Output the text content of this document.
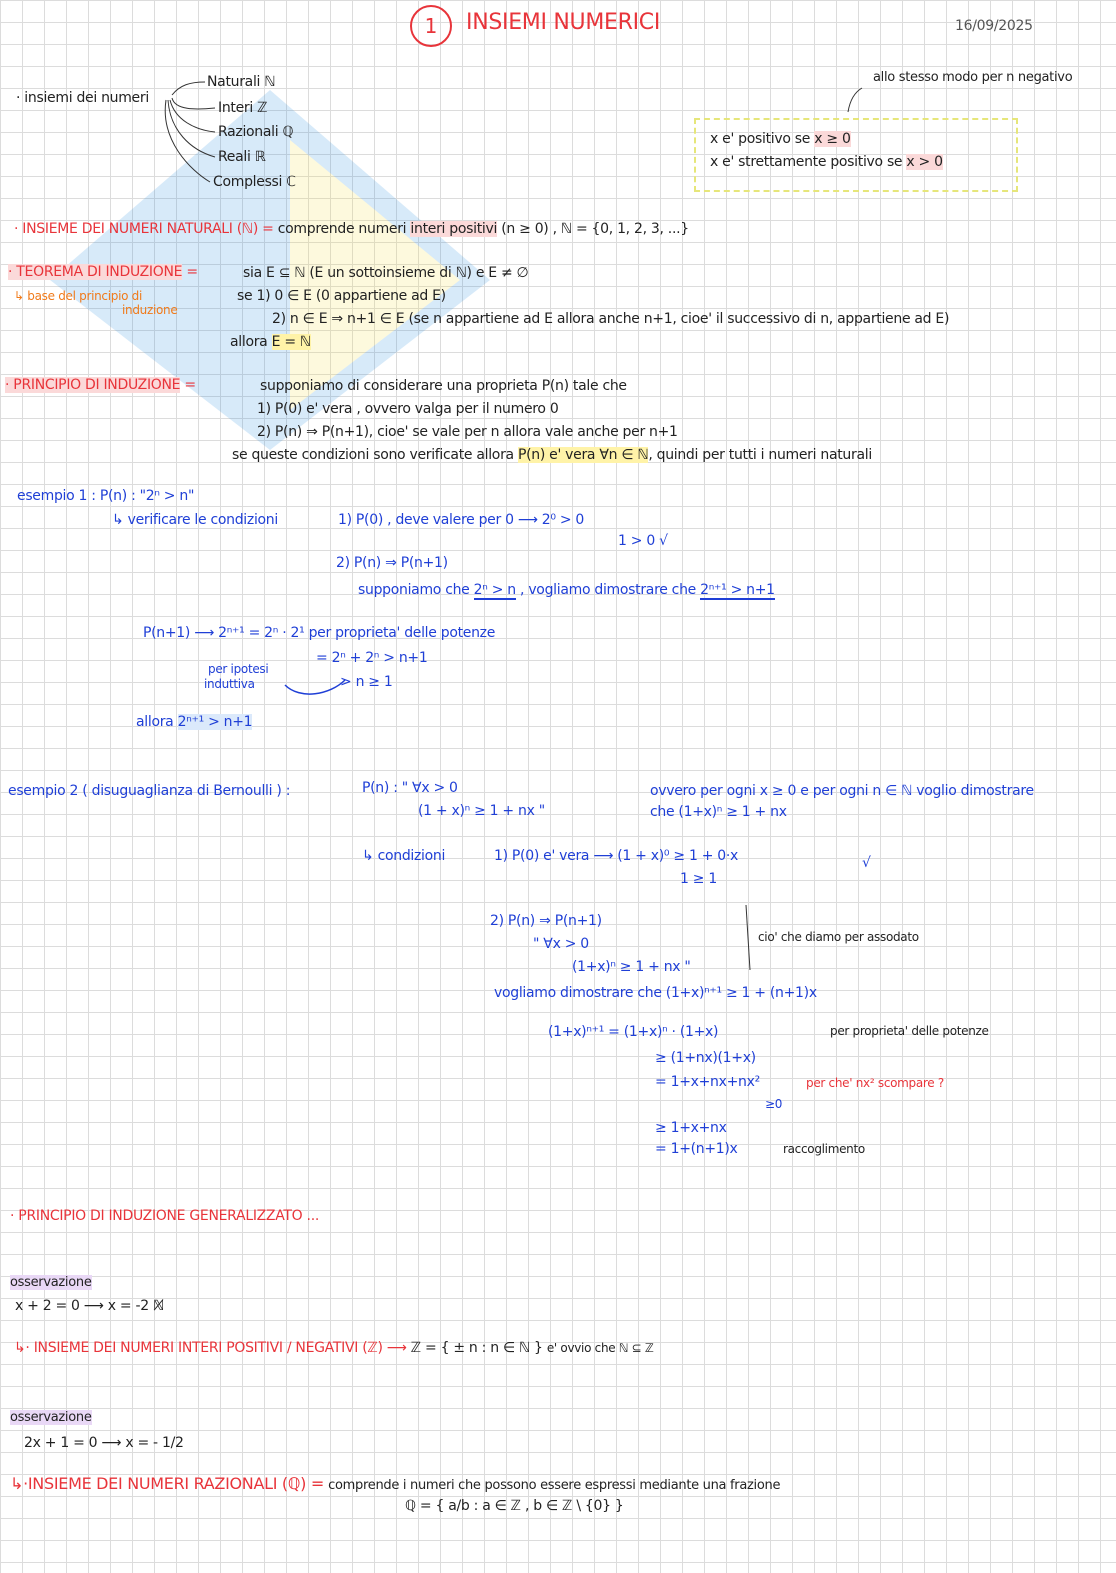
1	INSIEMI NUMERICI	16/09/2025
· insiemi dei numeri
Naturali ℕ
Interi ℤ
Razionali ℚ
Reali ℝ
Complessi ℂ
allo stesso modo per n negativo
x e' positivo se x ≥ 0
x e' strettamente positivo se x > 0
· INSIEME DEI NUMERI NATURALI (ℕ) = comprende numeri interi positivi (n ≥ 0) , ℕ = {0, 1, 2, 3, ...}
· TEOREMA DI INDUZIONE =
↳ base del principio di
induzione
sia E ⊆ ℕ (E un sottoinsieme di ℕ) e E ≠ ∅
se 1) 0 ∈ E (0 appartiene ad E)
2) n ∈ E ⇒ n+1 ∈ E (se n appartiene ad E allora anche n+1, cioe' il successivo di n, appartiene ad E)
allora E = ℕ
· PRINCIPIO DI INDUZIONE =	supponiamo di considerare una proprieta P(n) tale che
1) P(0) e' vera , ovvero valga per il numero 0
2) P(n) ⇒ P(n+1), cioe' se vale per n allora vale anche per n+1
se queste condizioni sono verificate allora P(n) e' vera ∀n ∈ ℕ, quindi per tutti i numeri naturali
esempio 1 : P(n) : "2ⁿ > n"
↳ verificare le condizioni	1) P(0) , deve valere per 0 ⟶ 2⁰ > 0
1 > 0 √
2) P(n) ⇒ P(n+1)
supponiamo che 2ⁿ > n , vogliamo dimostrare che 2ⁿ⁺¹ > n+1
P(n+1) ⟶ 2ⁿ⁺¹ = 2ⁿ · 2¹ per proprieta' delle potenze
= 2ⁿ + 2ⁿ > n+1
> n ≥ 1
per ipotesi
induttiva
allora 2ⁿ⁺¹ > n+1
esempio 2 ( disuguaglianza di Bernoulli ) :	P(n) : " ∀x > 0
(1 + x)ⁿ ≥ 1 + nx "
ovvero per ogni x ≥ 0 e per ogni n ∈ ℕ voglio dimostrare
che (1+x)ⁿ ≥ 1 + nx
↳ condizioni	1) P(0) e' vera ⟶ (1 + x)⁰ ≥ 1 + 0·x
1 ≥ 1
√
2) P(n) ⇒ P(n+1)
" ∀x > 0
(1+x)ⁿ ≥ 1 + nx "
vogliamo dimostrare che (1+x)ⁿ⁺¹ ≥ 1 + (n+1)x
(1+x)ⁿ⁺¹ = (1+x)ⁿ · (1+x)
≥ (1+nx)(1+x)
= 1+x+nx+nx²
≥0
≥ 1+x+nx
= 1+(n+1)x
cio' che diamo per assodato
per proprieta' delle potenze
per che' nx² scompare ?
raccoglimento
· PRINCIPIO DI INDUZIONE GENERALIZZATO ...
osservazione
x + 2 = 0 ⟶ x = -2 ℕ̸
↳· INSIEME DEI NUMERI INTERI POSITIVI / NEGATIVI (ℤ) ⟶ ℤ = { ± n : n ∈ ℕ } e' ovvio che ℕ ⊆ ℤ
osservazione
2x + 1 = 0 ⟶ x = - 1/2
↳·INSIEME DEI NUMERI RAZIONALI (ℚ) = comprende i numeri che possono essere espressi mediante una frazione
ℚ = { a/b : a ∈ ℤ , b ∈ ℤ \ {0} }
